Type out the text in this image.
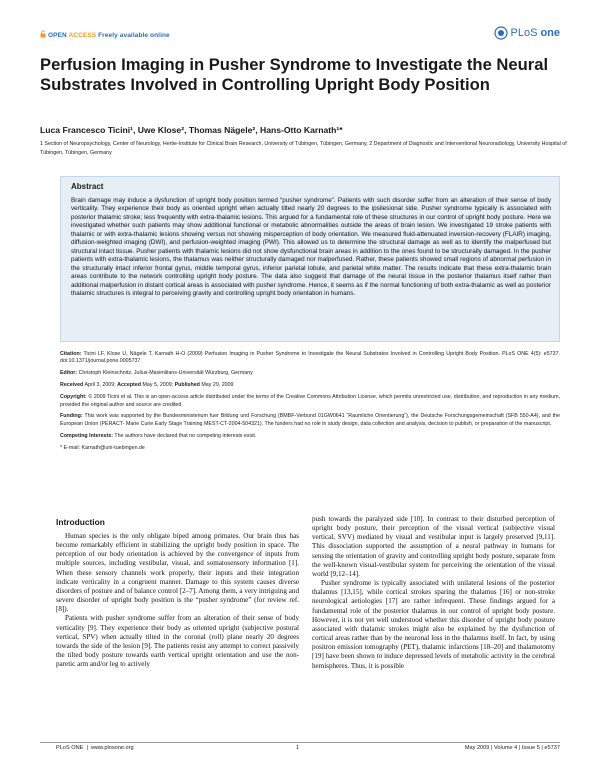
OPEN ACCESS Freely available online	PLoS one
Perfusion Imaging in Pusher Syndrome to Investigate the Neural Substrates Involved in Controlling Upright Body Position
Luca Francesco Ticini¹, Uwe Klose², Thomas Nägele², Hans-Otto Karnath¹*
1 Section of Neuropsychology, Center of Neurology, Hertie-Institute for Clinical Brain Research, University of Tübingen, Tübingen, Germany, 2 Department of Diagnostic and Interventional Neuroradiology, University Hospital of Tübingen, Tübingen, Germany
Abstract
Brain damage may induce a dysfunction of upright body position termed “pusher syndrome”. Patients with such disorder suffer from an alteration of their sense of body verticality. They experience their body as oriented upright when actually tilted nearly 20 degrees to the ipsilesional side. Pusher syndrome typically is associated with posterior thalamic stroke; less frequently with extra-thalamic lesions. This argued for a fundamental role of these structures in our control of upright body posture. Here we investigated whether such patients may show additional functional or metabolic abnormalities outside the areas of brain lesion. We investigated 19 stroke patients with thalamic or with extra-thalamic lesions showing versus not showing misperception of body orientation. We measured fluid-attenuated inversion-recovery (FLAIR) imaging, diffusion-weighted imaging (DWI), and perfusion-weighted imaging (PWI). This allowed us to determine the structural damage as well as to identify the malperfused but structural intact tissue. Pusher patients with thalamic lesions did not show dysfunctional brain areas in addition to the ones found to be structurally damaged. In the pusher patients with extra-thalamic lesions, the thalamus was neither structurally damaged nor malperfused. Rather, these patients showed small regions of abnormal perfusion in the structurally intact inferior frontal gyrus, middle temporal gyrus, inferior parietal lobule, and parietal white matter. The results indicate that these extra-thalamic brain areas contribute to the network controlling upright body posture. The data also suggest that damage of the neural tissue in the posterior thalamus itself rather than additional malperfusion in distant cortical areas is associated with pusher syndrome. Hence, it seems as if the normal functioning of both extra-thalamic as well as posterior thalamic structures is integral to perceiving gravity and controlling upright body orientation in humans.
Citation: Ticini LF, Klose U, Nägele T, Karnath H-O (2009) Perfusion Imaging in Pusher Syndrome to Investigate the Neural Substrates Involved in Controlling Upright Body Position. PLoS ONE 4(5): e5737. doi:10.1371/journal.pone.0005737
Editor: Christoph Kleinschnitz, Julius-Maximilians-Universität Würzburg, Germany
Received April 3, 2009; Accepted May 5, 2009; Published May 29, 2009
Copyright: © 2009 Ticini et al. This is an open-access article distributed under the terms of the Creative Commons Attribution License, which permits unrestricted use, distribution, and reproduction in any medium, provided the original author and source are credited.
Funding: This work was supported by the Bundesministerium fuer Bildung und Forschung (BMBF-Verbund 01GW0641 “Raumliche Orientierung”), the Deutsche Forschungsgemeinschaft (SFB 550-A4), and the European Union (PERACT- Marie Curie Early Stage Training MEST-CT-2004-504321). The funders had no role in study design, data collection and analysis, decision to publish, or preparation of the manuscript.
Competing Interests: The authors have declared that no competing interests exist.
* E-mail: Karnath@uni-tuebingen.de
Introduction

Human species is the only obligate biped among primates. Our brain thus has become remarkably efficient in stabilizing the upright body position in space. The perception of our body orientation is achieved by the convergence of inputs from multiple sources, including vestibular, visual, and somatosensory information [1]. When these sensory channels work properly, their inputs and their integration indicate verticality in a congruent manner. Damage to this system causes diverse disorders of posture and of balance control [2–7]. Among them, a very intriguing and severe disorder of upright body position is the “pusher syndrome” (for review ref. [8]).

Patients with pusher syndrome suffer from an alteration of their sense of body verticality [9]. They experience their body as oriented upright (subjective postural vertical, SPV) when actually tilted in the coronal (roll) plane nearly 20 degrees towards the side of the lesion [9]. The patients resist any attempt to correct passively the tilted body posture towards earth vertical upright orientation and use the non-paretic arm and/or leg to actively

push towards the paralyzed side [10]. In contrast to their disturbed perception of upright body posture, their perception of the visual vertical (subjective visual vertical, SVV) mediated by visual and vestibular input is largely preserved [9,11]. This dissociation supported the assumption of a neural pathway in humans for sensing the orientation of gravity and controlling upright body posture, separate from the well-known visual-vestibular system for perceiving the orientation of the visual world [9,12–14].

Pusher syndrome is typically associated with unilateral lesions of the posterior thalamus [13,15], while cortical strokes sparing the thalamus [16] or non-stroke neurological aetiologies [17] are rather infrequent. These findings argued for a fundamental role of the posterior thalamus in our control of upright body posture. However, it is not yet well understood whether this disorder of upright body posture associated with thalamic strokes might also be explained by the dysfunction of cortical areas rather than by the neuronal loss in the thalamus itself. In fact, by using positron emission tomography (PET), thalamic infarctions [18–20] and thalamotomy [19] have been shown to induce depressed levels of metabolic activity in the cerebral hemispheres. Thus, it is possible

PLoS ONE  |  www.plosone.org	1	May 2009 | Volume 4 | Issue 5 | e5737
